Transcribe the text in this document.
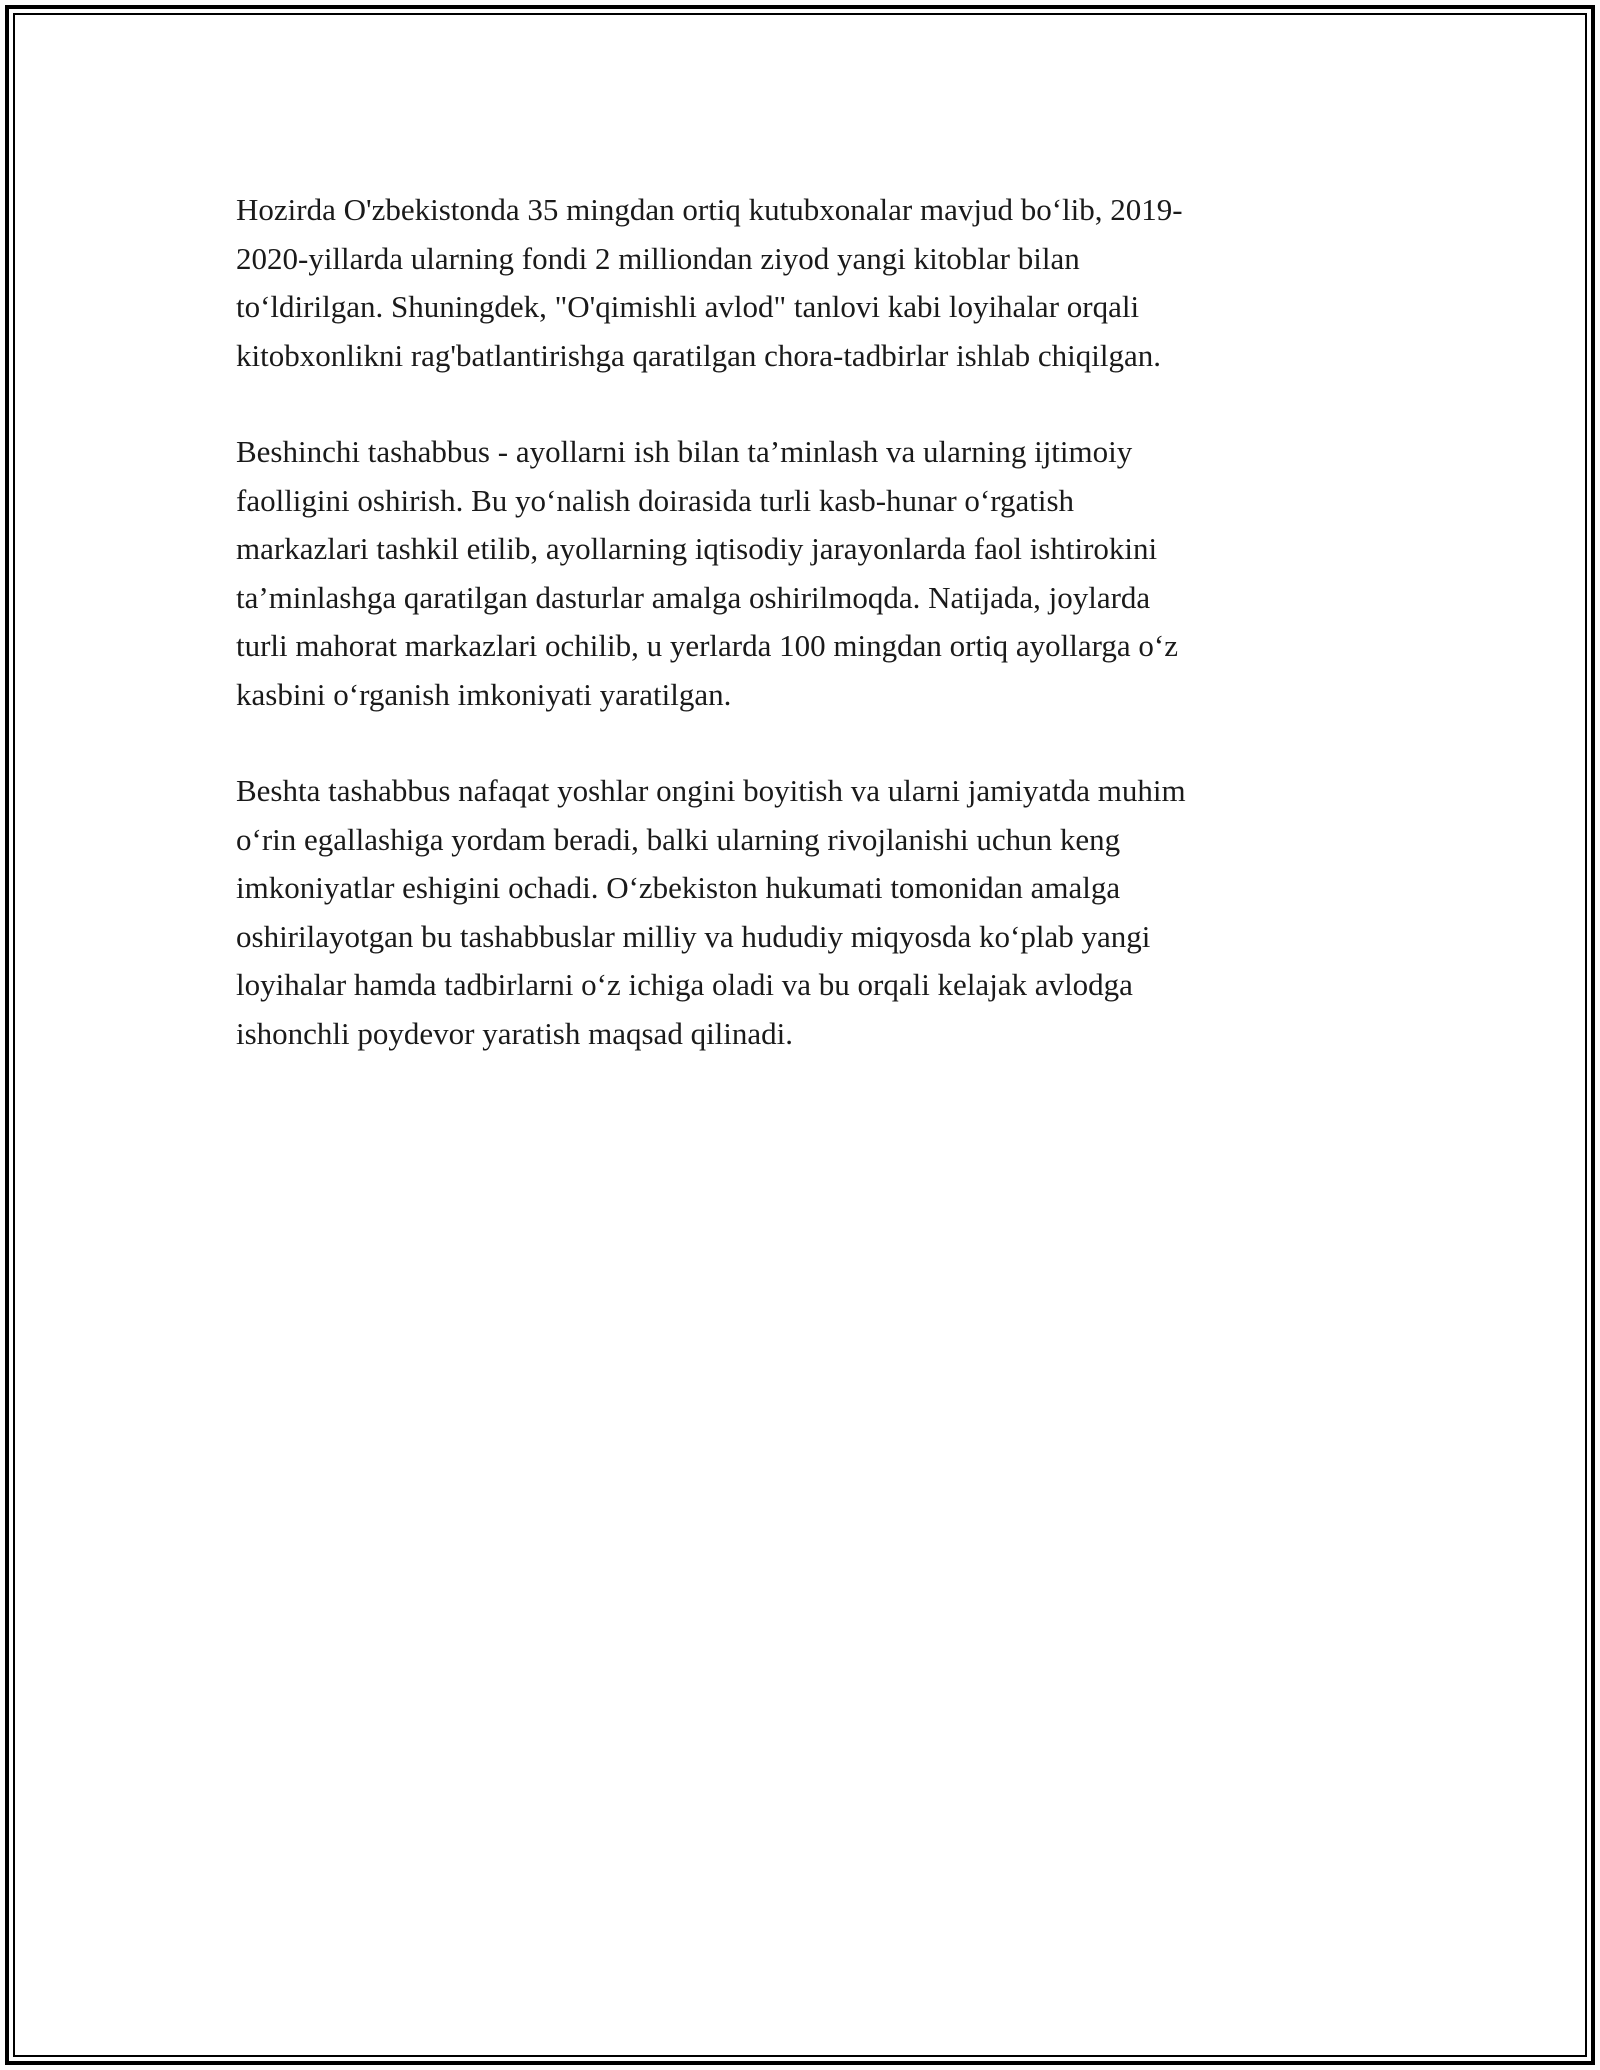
Hozirda O'zbekistonda 35 mingdan ortiq kutubxonalar mavjud bo‘lib, 2019-
2020-yillarda ularning fondi 2 milliondan ziyod yangi kitoblar bilan
to‘ldirilgan. Shuningdek, "O'qimishli avlod" tanlovi kabi loyihalar orqali
kitobxonlikni rag'batlantirishga qaratilgan chora-tadbirlar ishlab chiqilgan.

Beshinchi tashabbus - ayollarni ish bilan ta’minlash va ularning ijtimoiy
faolligini oshirish. Bu yo‘nalish doirasida turli kasb-hunar o‘rgatish
markazlari tashkil etilib, ayollarning iqtisodiy jarayonlarda faol ishtirokini
ta’minlashga qaratilgan dasturlar amalga oshirilmoqda. Natijada, joylarda
turli mahorat markazlari ochilib, u yerlarda 100 mingdan ortiq ayollarga o‘z
kasbini o‘rganish imkoniyati yaratilgan.

Beshta tashabbus nafaqat yoshlar ongini boyitish va ularni jamiyatda muhim
o‘rin egallashiga yordam beradi, balki ularning rivojlanishi uchun keng
imkoniyatlar eshigini ochadi. O‘zbekiston hukumati tomonidan amalga
oshirilayotgan bu tashabbuslar milliy va hududiy miqyosda ko‘plab yangi
loyihalar hamda tadbirlarni o‘z ichiga oladi va bu orqali kelajak avlodga
ishonchli poydevor yaratish maqsad qilinadi.
